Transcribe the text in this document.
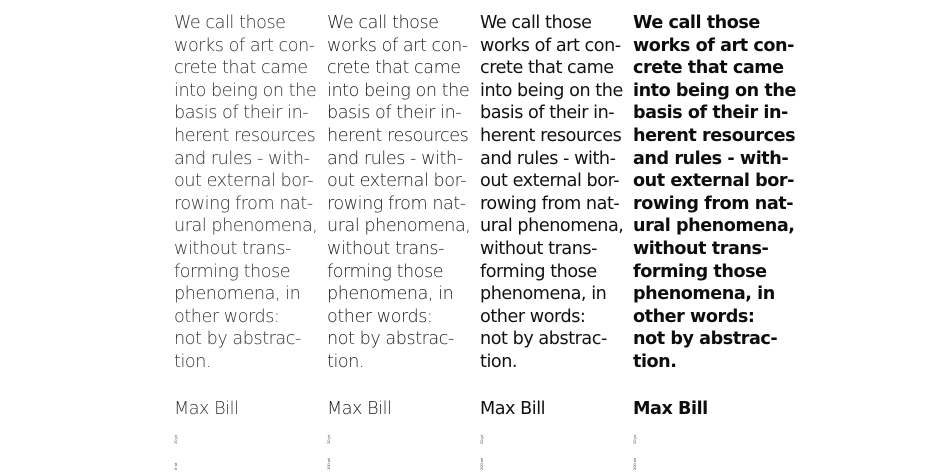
We call those
works of art con-
crete that came
into being on the
basis of their in-
herent resources
and rules - with-
out external bor-
rowing from nat-
ural phenomena,
without trans-
forming those
phenomena, in
other words:
not by abstrac-
tion.
Max Bill
20 pt
8 wt
We call those
works of art con-
crete that came
into being on the
basis of their in-
herent resources
and rules - with-
out external bor-
rowing from nat-
ural phenomena,
without trans-
forming those
phenomena, in
other words:
not by abstrac-
tion.
Max Bill
20 pt
100 wt
We call those
works of art con-
crete that came
into being on the
basis of their in-
herent resources
and rules - with-
out external bor-
rowing from nat-
ural phenomena,
without trans-
forming those
phenomena, in
other words:
not by abstrac-
tion.
Max Bill
20 pt
200 wt
We call those
works of art con-
crete that came
into being on the
basis of their in-
herent resources
and rules - with-
out external bor-
rowing from nat-
ural phenomena,
without trans-
forming those
phenomena, in
other words:
not by abstrac-
tion.
Max Bill
20 pt
300 wt
